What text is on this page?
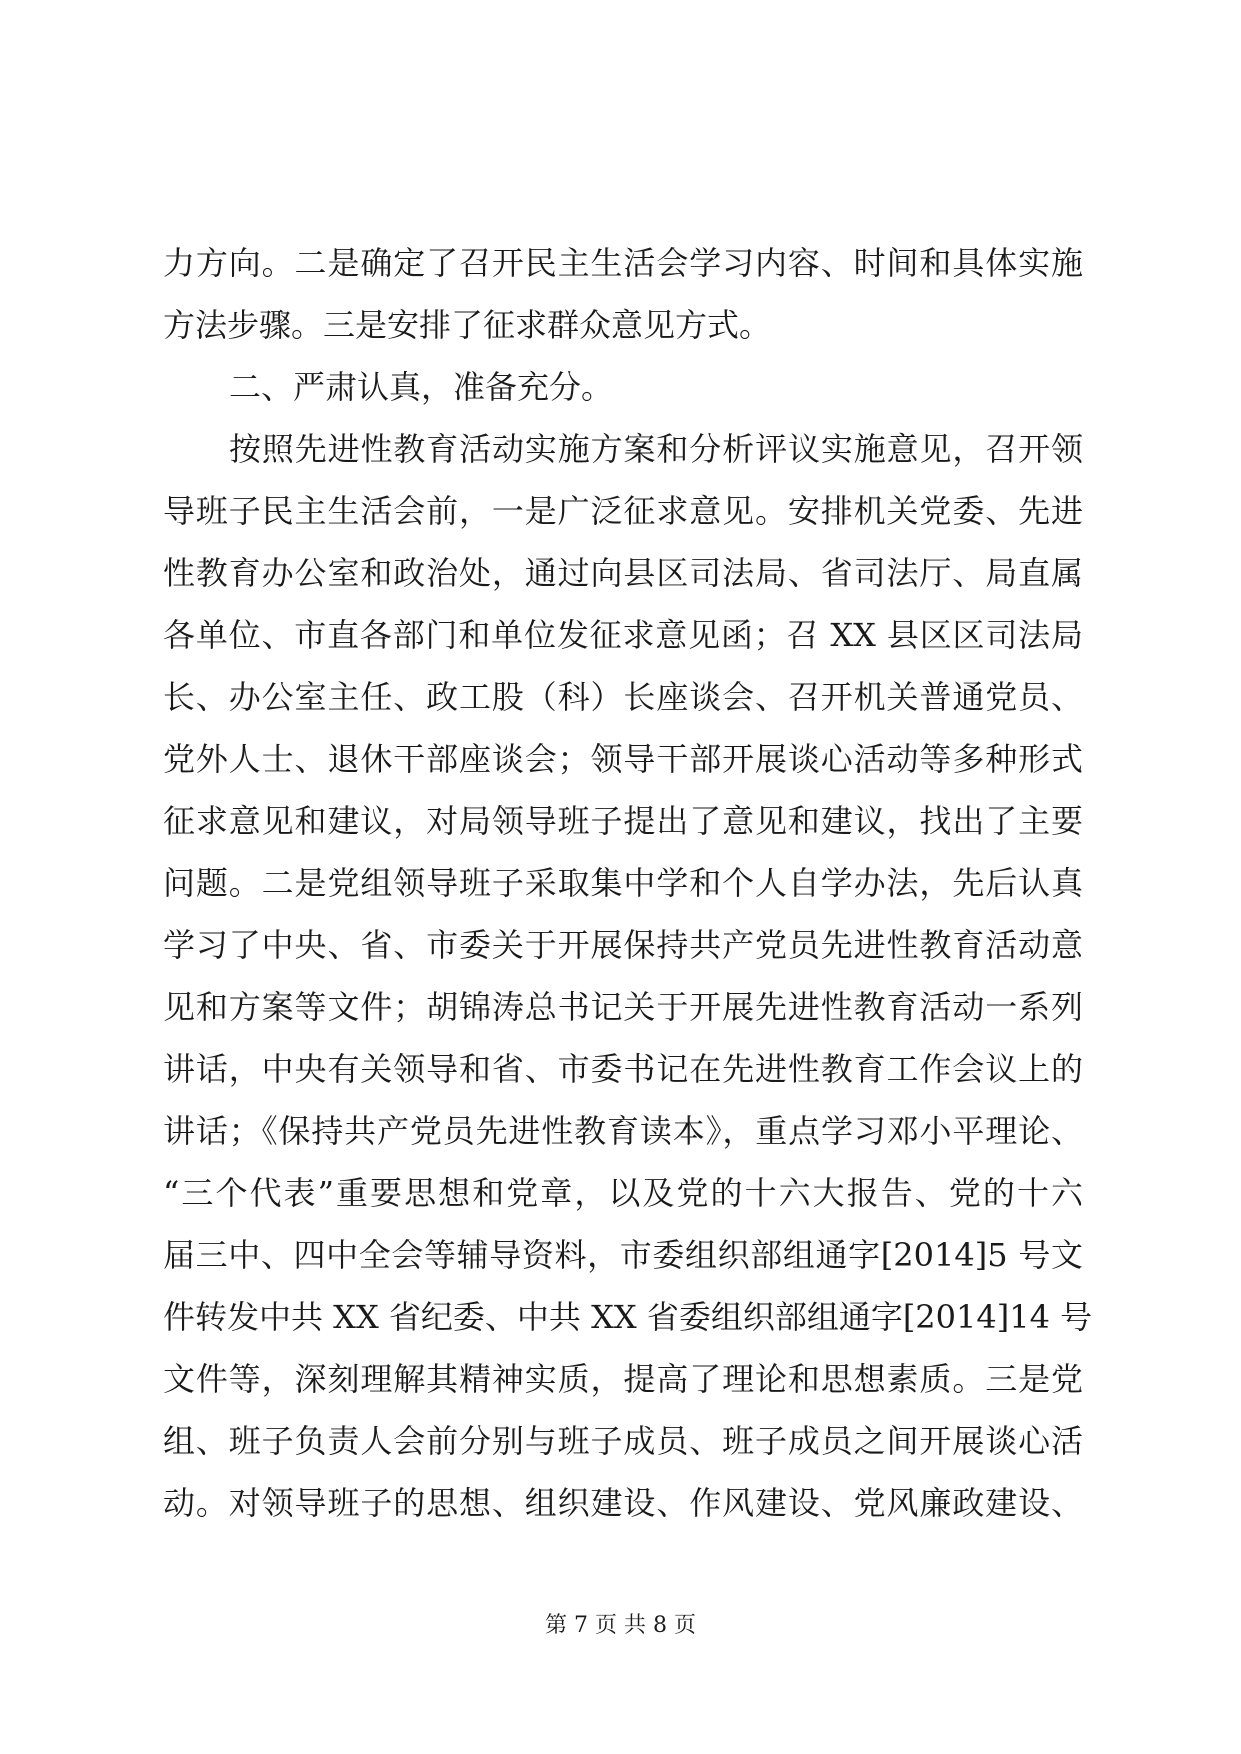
力方向。二是确定了召开民主生活会学习内容、时间和具体实施
方法步骤。三是安排了征求群众意见方式。
二、严肃认真，准备充分。
按照先进性教育活动实施方案和分析评议实施意见，召开领
导班子民主生活会前，一是广泛征求意见。安排机关党委、先进
性教育办公室和政治处，通过向县区司法局、省司法厅、局直属
各单位、市直各部门和单位发征求意见函；召 XX 县区区司法局
长、办公室主任、政工股（科）长座谈会、召开机关普通党员、
党外人士、退休干部座谈会；领导干部开展谈心活动等多种形式
征求意见和建议，对局领导班子提出了意见和建议，找出了主要
问题。二是党组领导班子采取集中学和个人自学办法，先后认真
学习了中央、省、市委关于开展保持共产党员先进性教育活动意
见和方案等文件；胡锦涛总书记关于开展先进性教育活动一系列
讲话，中央有关领导和省、市委书记在先进性教育工作会议上的
讲话；《保持共产党员先进性教育读本》，重点学习邓小平理论、
“三个代表”重要思想和党章，以及党的十六大报告、党的十六
届三中、四中全会等辅导资料，市委组织部组通字[2014]5 号文
件转发中共 XX 省纪委、中共 XX 省委组织部组通字[2014]14 号
文件等，深刻理解其精神实质，提高了理论和思想素质。三是党
组、班子负责人会前分别与班子成员、班子成员之间开展谈心活
动。对领导班子的思想、组织建设、作风建设、党风廉政建设、
第 7 页 共 8 页
